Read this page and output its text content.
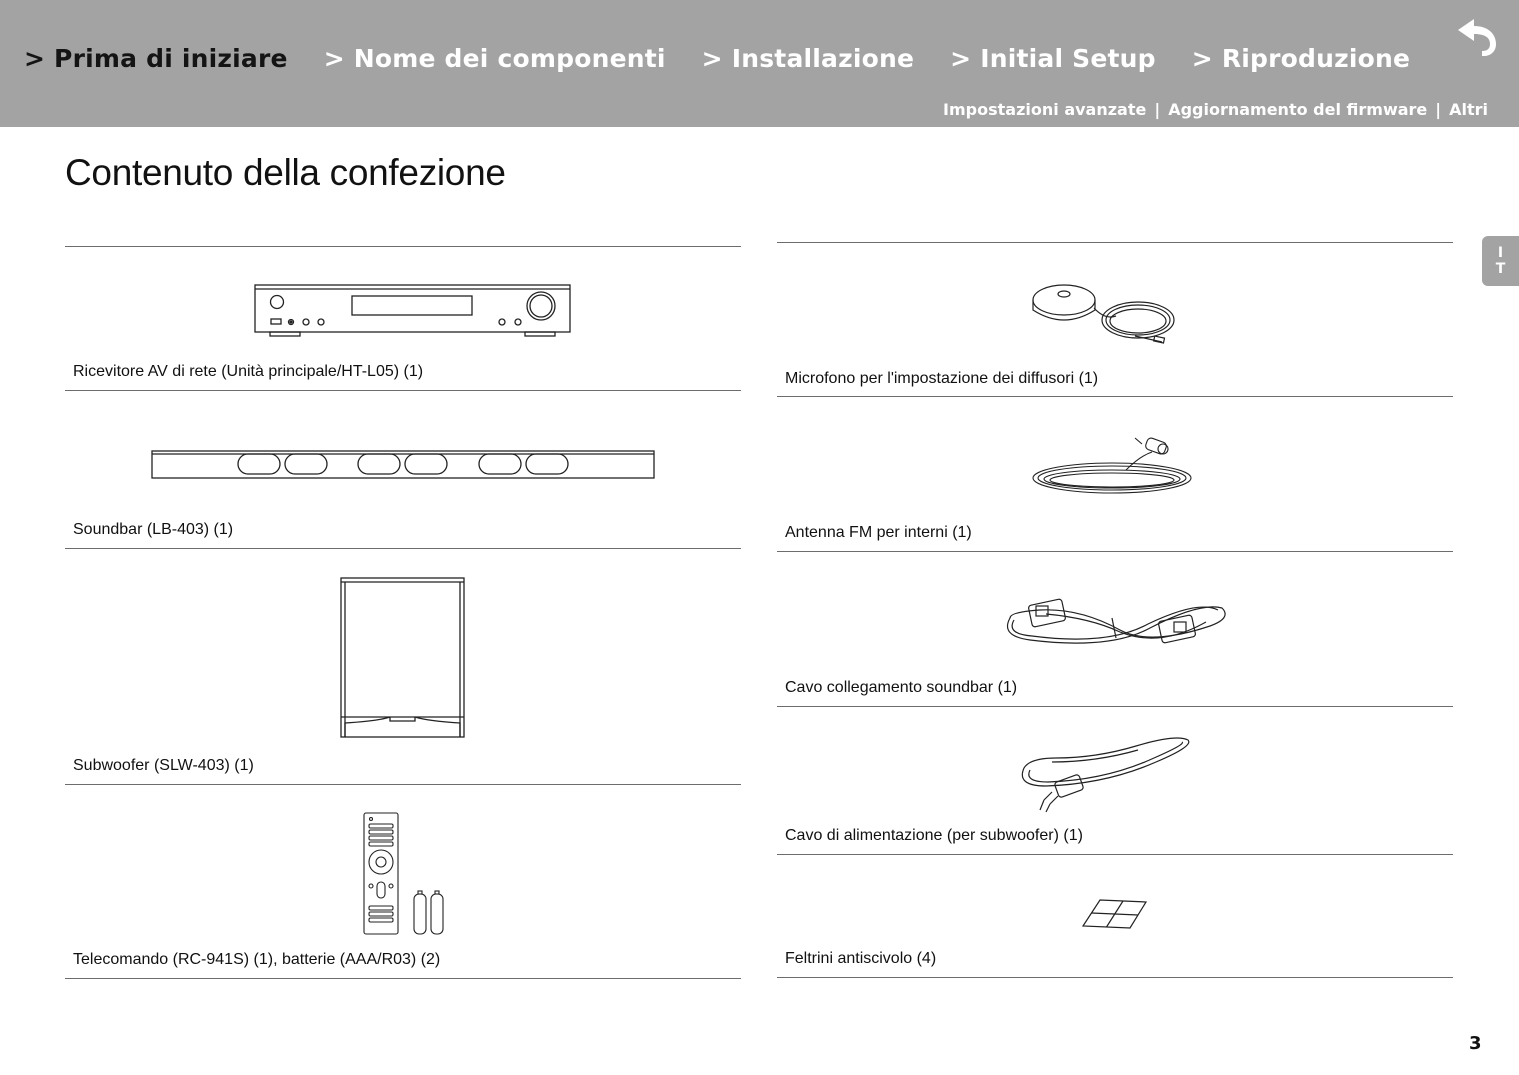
> Prima di iniziare > Nome dei componenti > Installazione > Initial Setup > Riproduzione
Impostazioni avanzate | Aggiornamento del firmware | Altri
I
T
Contenuto della confezione
Ricevitore AV di rete (Unità principale/HT-L05) (1)
Soundbar (LB-403) (1)
Subwoofer (SLW-403) (1)
Telecomando (RC-941S) (1), batterie (AAA/R03) (2)
Microfono per l'impostazione dei diffusori (1)
Antenna FM per interni (1)
Cavo collegamento soundbar (1)
Cavo di alimentazione (per subwoofer) (1)
Feltrini antiscivolo (4)
3
